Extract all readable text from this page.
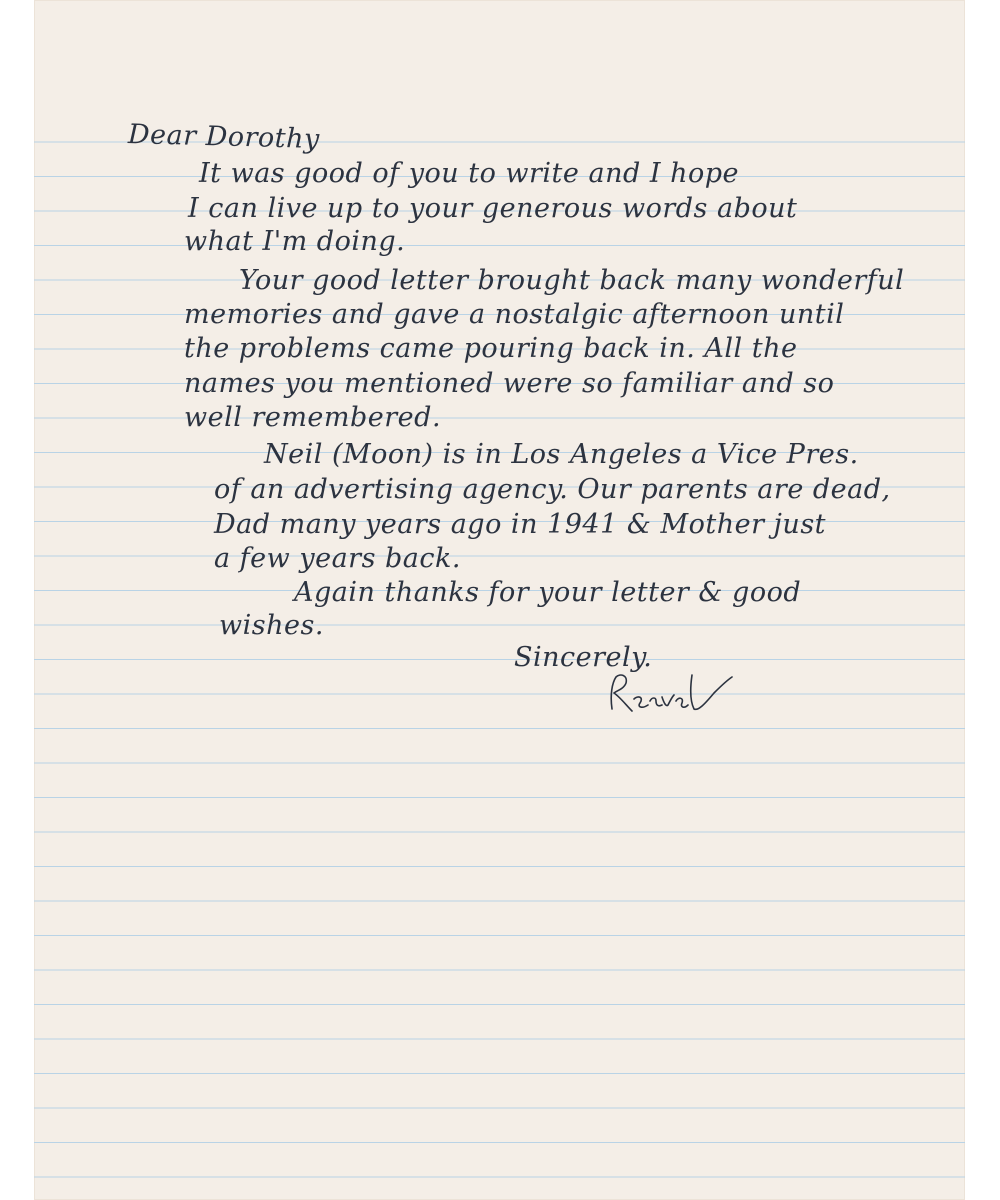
Dear Dorothy
It was good of you to write and I hope
I can live up to your generous words about
what I'm doing.
Your good letter brought back many wonderful
memories and gave a nostalgic afternoon until
the problems came pouring back in. All the
names you mentioned were so familiar and so
well remembered.
Neil (Moon) is in Los Angeles a Vice Pres.
of an advertising agency. Our parents are dead,
Dad many years ago in 1941 & Mother just
a few years back.
Again thanks for your letter & good
wishes.
Sincerely.
